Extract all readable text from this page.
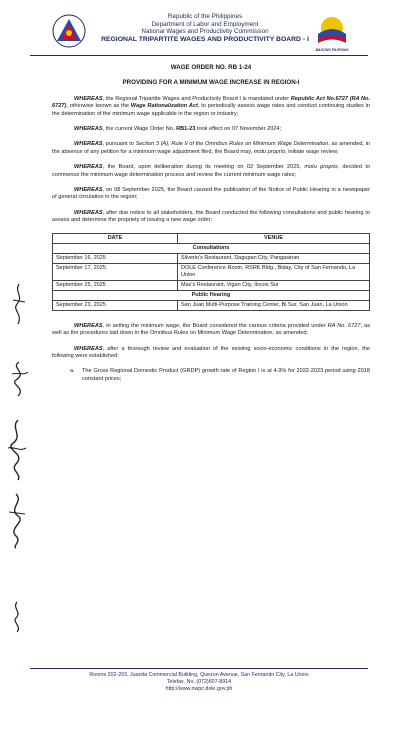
Republic of the Philippines
Department of Labor and Employment
National Wages and Productivity Commission
REGIONAL TRIPARTITE WAGES AND PRODUCTIVITY BOARD - I
BAGONG PILIPINAS
WAGE ORDER NO. RB 1-24
PROVIDING FOR A MINIMUM WAGE INCREASE IN REGION-I

WHEREAS, the Regional Tripartite Wages and Productivity Board I is mandated under Republic Act No.6727 (RA No. 6727), otherwise known as the Wage Rationalization Act, to periodically assess wage rates and conduct continuing studies in the determination of the minimum wage applicable in the region or industry;

WHEREAS, the current Wage Order No. RB1-23 took effect on 07 November 2024;

WHEREAS, pursuant to Section 3 (A), Rule II of the Omnibus Rules on Minimum Wage Determination, as amended, in the absence of any petition for a minimum wage adjustment filed, the Board may, motu proprio, initiate wage review;

WHEREAS, the Board, upon deliberation during its meeting on 02 September 2025, motu proprio, decided to commence the minimum wage determination process and review the current minimum wage rates;

WHEREAS, on 08 September 2025, the Board caused the publication of the Notice of Public Hearing in a newspaper of general circulation in the region;

WHEREAS, after due notice to all stakeholders, the Board conducted the following consultations and public hearing to assess and determine the propriety of issuing a new wage order:

DATE	VENUE
Consultations	
September 16, 2025	Silverio's Restaurant, Dagupan City, Pangasinan
September 17, 2025	DOLE Conference Room, RSRK Bldg., Biday, City of San Fernando, La Union
September 25, 2025	Max's Restaurant, Vigan City, Ilocos Sur
Public Hearing	
September 23, 2025	San Juan Multi-Purpose Training Center, Bi Sur, San Juan, La Union

WHEREAS, in setting the minimum wage, the Board considered the various criteria provided under RA No. 6727, as well as the procedures laid down in the Omnibus Rules on Minimum Wage Determination, as amended;

WHEREAS, after a thorough review and evaluation of the existing socio-economic conditions in the region, the following were established:

a. The Gross Regional Domestic Product (GRDP) growth rate of Region I is at 4.9% for 2022-2023 period using 2018 constant prices;
Rooms 202-203, Juanita Commercial Building, Quezon Avenue, San Fernando City, La Union
Telefax. No. (072)607-8914
http://www.nwpc.dole.gov.ph
